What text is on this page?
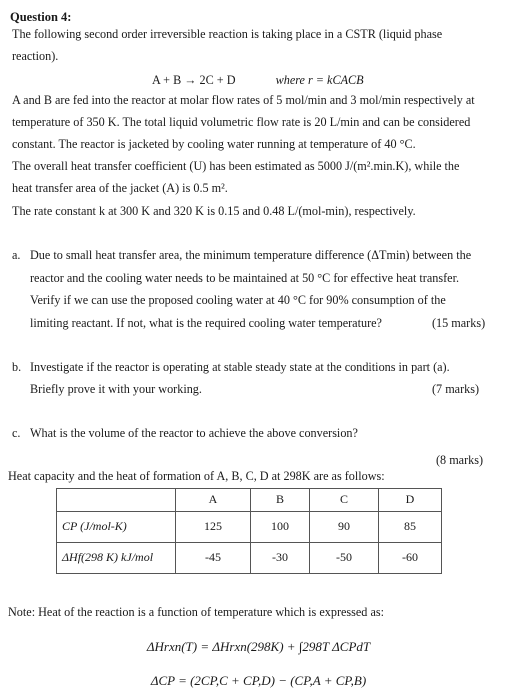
Question 4:
The following second order irreversible reaction is taking place in a CSTR (liquid phase
reaction).
A + B → 2C + D	where r = kCACB
A and B are fed into the reactor at molar flow rates of 5 mol/min and 3 mol/min respectively at
temperature of 350 K. The total liquid volumetric flow rate is 20 L/min and can be considered
constant. The reactor is jacketed by cooling water running at temperature of 40 °C.
The overall heat transfer coefficient (U) has been estimated as 5000 J/(m².min.K), while the
heat transfer area of the jacket (A) is 0.5 m².
The rate constant k at 300 K and 320 K is 0.15 and 0.48 L/(mol-min), respectively.
a. Due to small heat transfer area, the minimum temperature difference (ΔTmin) between the
reactor and the cooling water needs to be maintained at 50 °C for effective heat transfer.
Verify if we can use the proposed cooling water at 40 °C for 90% consumption of the
limiting reactant. If not, what is the required cooling water temperature?	(15 marks)
b. Investigate if the reactor is operating at stable steady state at the conditions in part (a).
Briefly prove it with your working.	(7 marks)
c. What is the volume of the reactor to achieve the above conversion?
(8 marks)
Heat capacity and the heat of formation of A, B, C, D at 298K are as follows:
	A	B	C	D
CP (J/mol-K)	125	100	90	85
ΔHf(298 K) kJ/mol	-45	-30	-50	-60
Note: Heat of the reaction is a function of temperature which is expressed as:
ΔHrxn(T) = ΔHrxn(298K) + ∫298T ΔCPdT
ΔCP = (2CP,C + CP,D) − (CP,A + CP,B)
